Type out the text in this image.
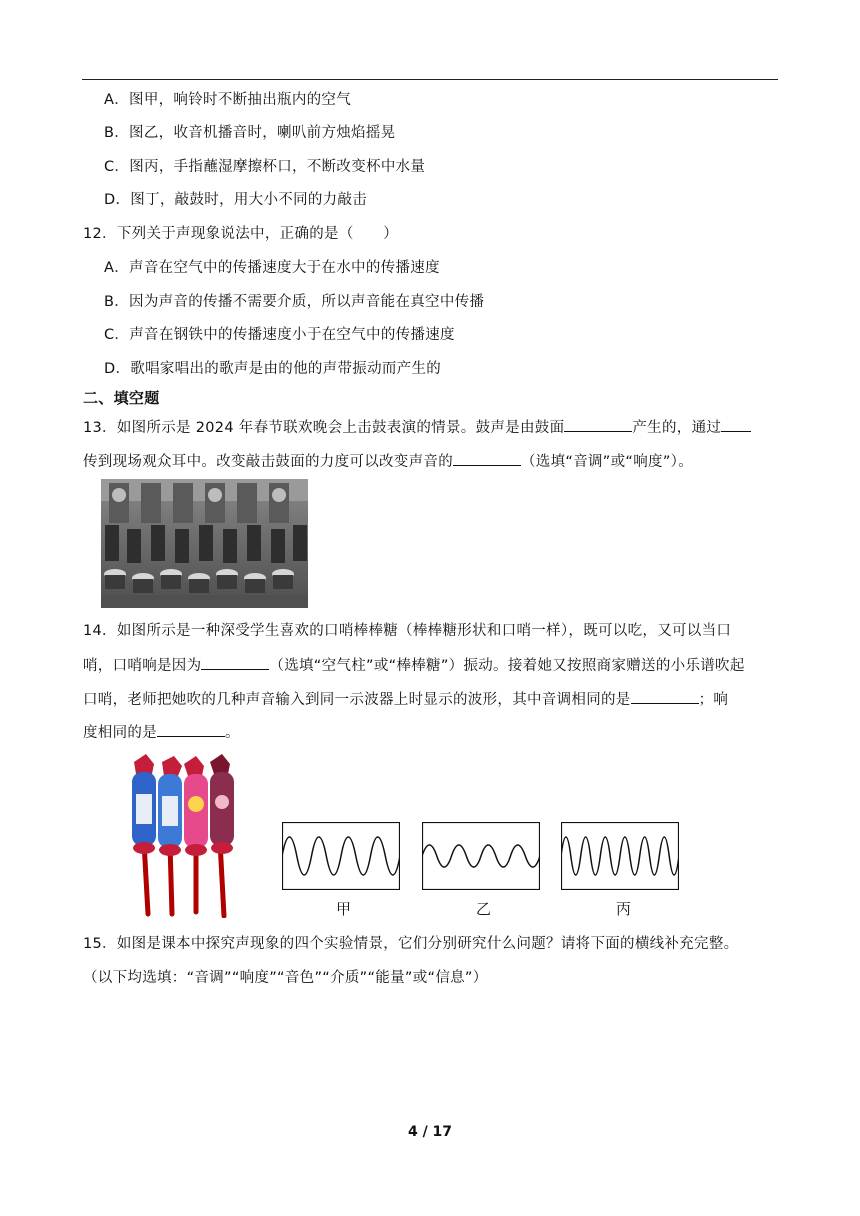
A．图甲，响铃时不断抽出瓶内的空气
B．图乙，收音机播音时，喇叭前方烛焰摇晃
C．图丙，手指蘸湿摩擦杯口，不断改变杯中水量
D．图丁，敲鼓时，用大小不同的力敲击
12．下列关于声现象说法中，正确的是（　　）
A．声音在空气中的传播速度大于在水中的传播速度
B．因为声音的传播不需要介质，所以声音能在真空中传播
C．声音在钢铁中的传播速度小于在空气中的传播速度
D．歌唱家唱出的歌声是由的他的声带振动而产生的
二、填空题
13．如图所示是 2024 年春节联欢晚会上击鼓表演的情景。鼓声是由鼓面	产生的，通过
传到现场观众耳中。改变敲击鼓面的力度可以改变声音的	（选填“音调”或“响度”）。
14．如图所示是一种深受学生喜欢的口哨棒棒糖（棒棒糖形状和口哨一样），既可以吃，又可以当口
哨，口哨响是因为	（选填“空气柱”或“棒棒糖”）振动。接着她又按照商家赠送的小乐谱吹起
口哨，老师把她吹的几种声音输入到同一示波器上时显示的波形，其中音调相同的是	；响
度相同的是	。
甲	乙	丙
15．如图是课本中探究声现象的四个实验情景，它们分别研究什么问题？请将下面的横线补充完整。
（以下均选填：“音调”“响度”“音色”“介质”“能量”或“信息”）
4 / 17
